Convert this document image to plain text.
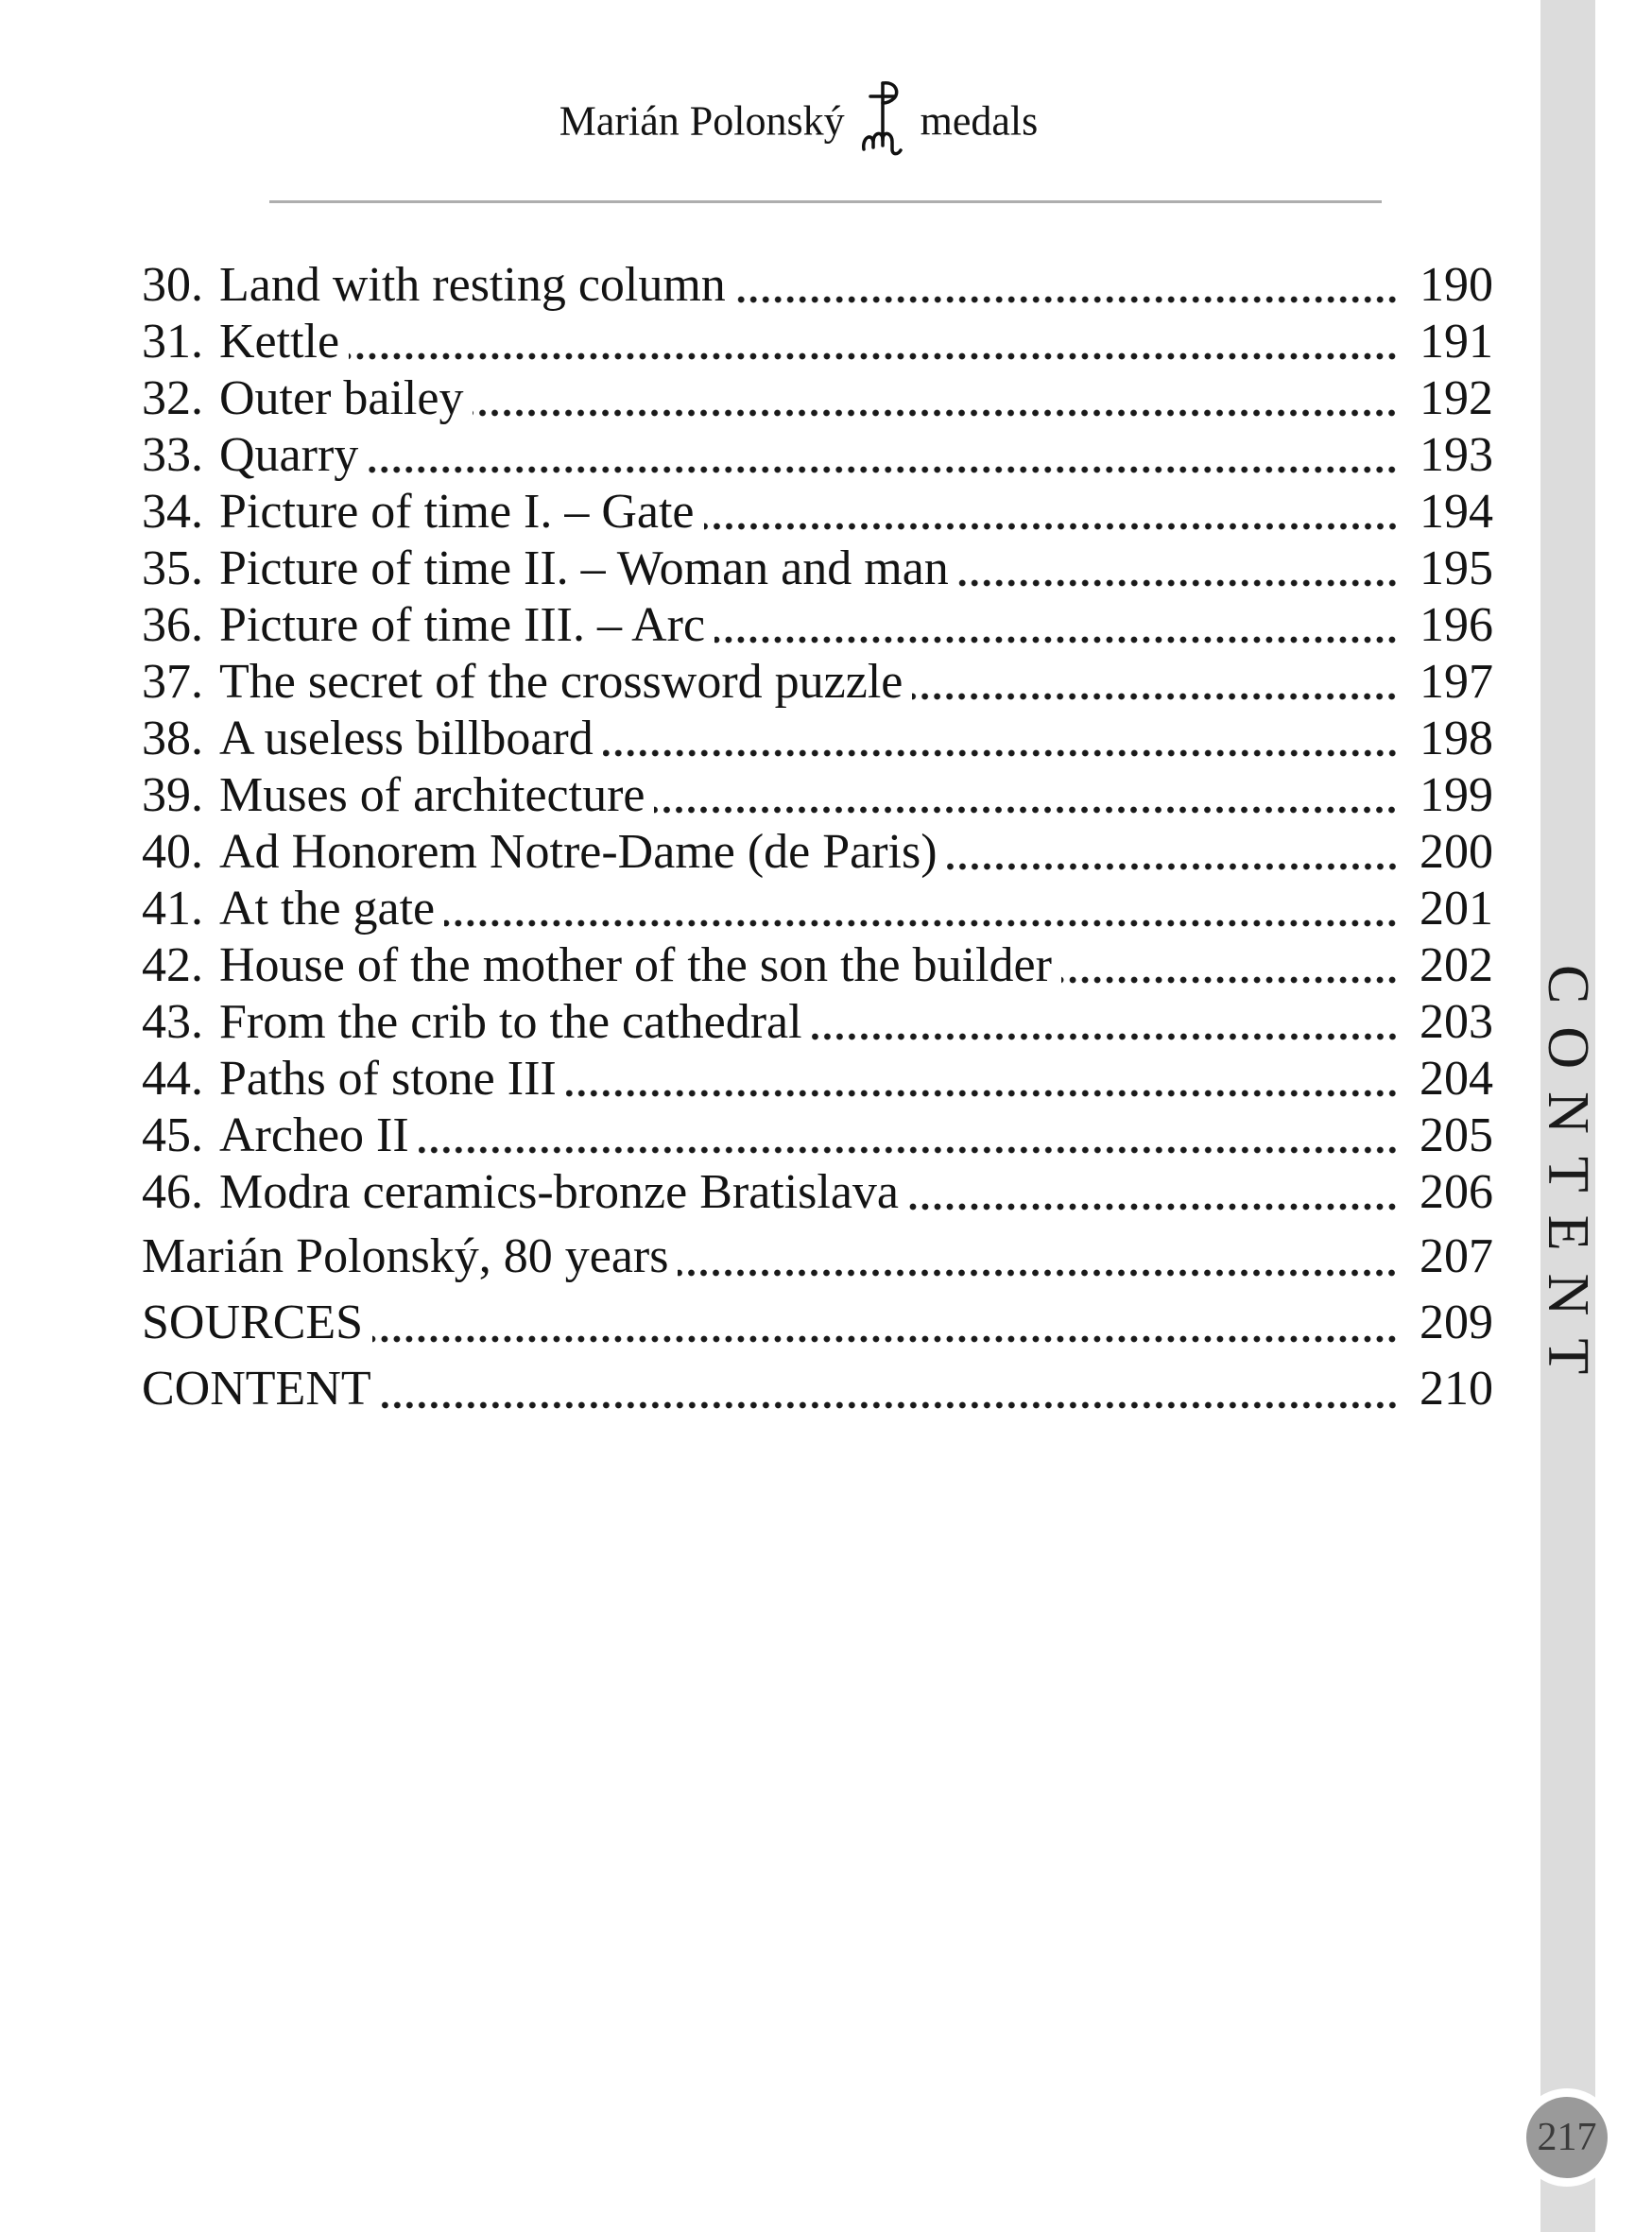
Marián Polonský medals
30. Land with resting column	190
31. Kettle	191
32. Outer bailey	192
33. Quarry	193
34. Picture of time I. – Gate	194
35. Picture of time II. – Woman and man	195
36. Picture of time III. – Arc	196
37. The secret of the crossword puzzle	197
38. A useless billboard	198
39. Muses of architecture	199
40. Ad Honorem Notre-Dame (de Paris)	200
41. At the gate	201
42. House of the mother of the son the builder	202
43. From the crib to the cathedral	203
44. Paths of stone III	204
45. Archeo II	205
46. Modra ceramics-bronze Bratislava	206
Marián Polonský, 80 years	207
SOURCES	209
CONTENT	210 CONTENT
217
